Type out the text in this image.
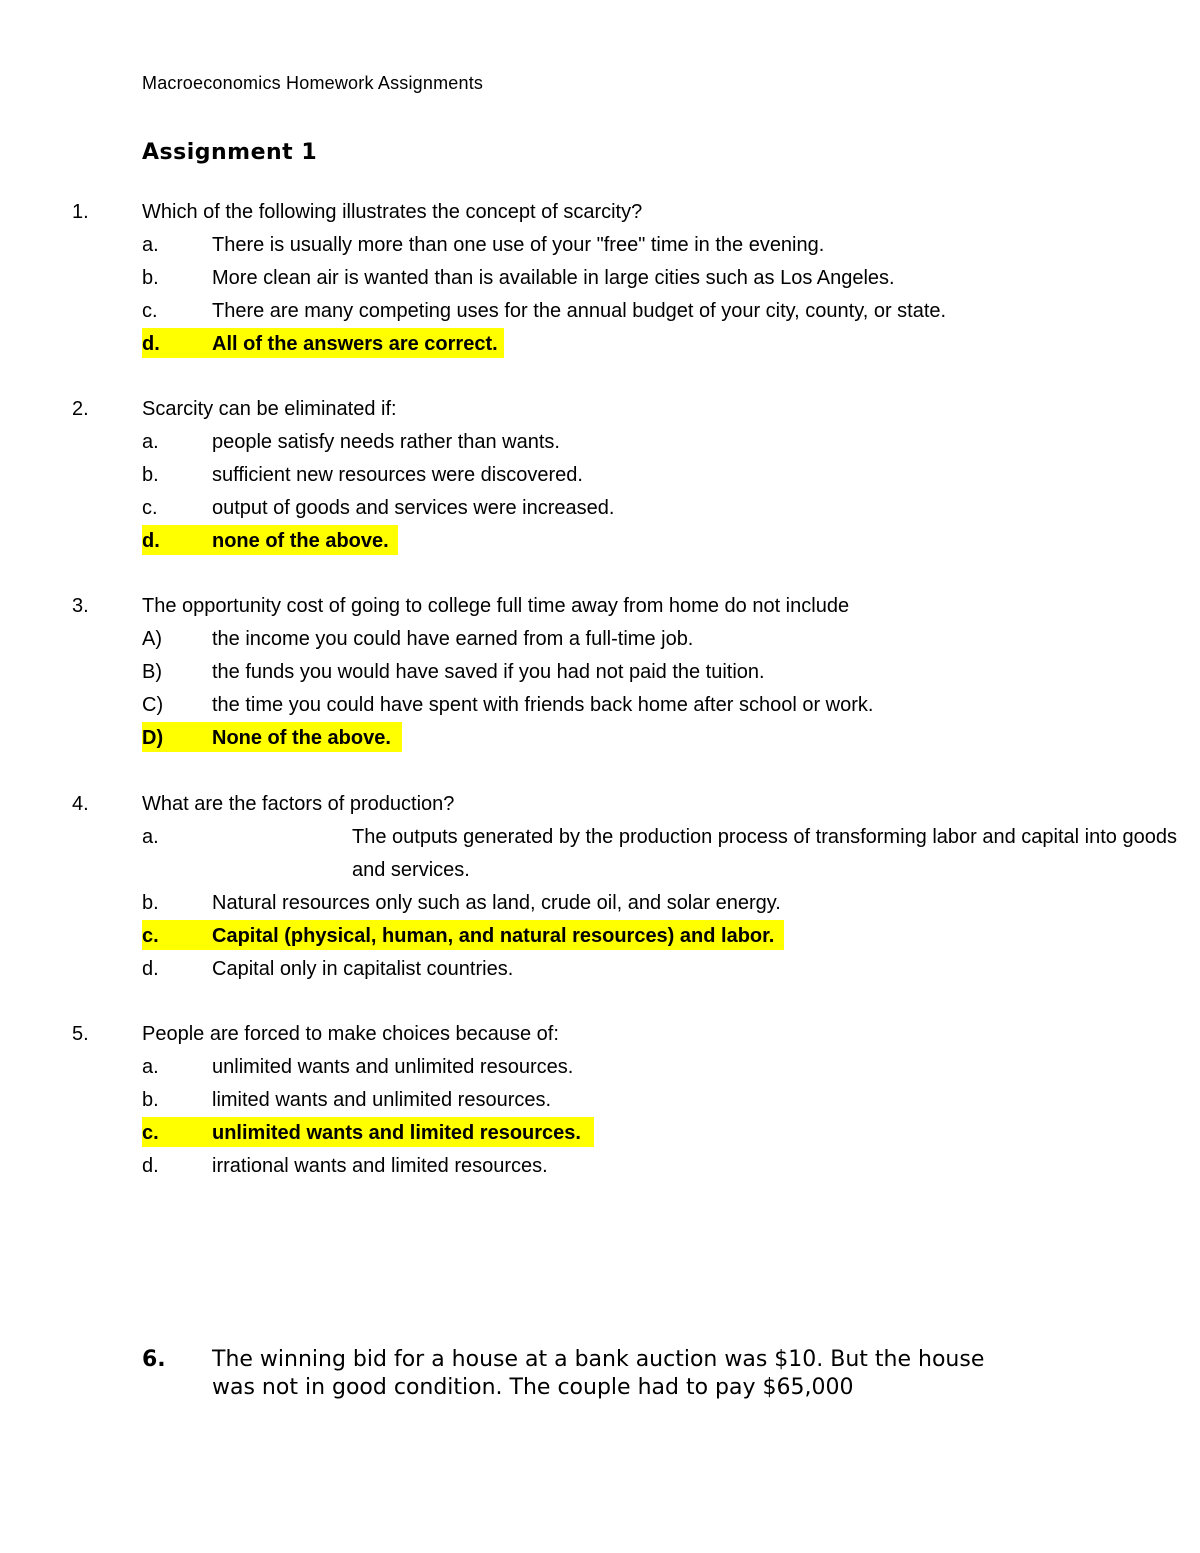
Macroeconomics Homework Assignments
Assignment 1
1.	Which of the following illustrates the concept of scarcity?
a.	There is usually more than one use of your "free" time in the evening.
b.	More clean air is wanted than is available in large cities such as Los Angeles.
c.	There are many competing uses for the annual budget of your city, county, or state.
d.	All of the answers are correct.
2.	Scarcity can be eliminated if:
a.	people satisfy needs rather than wants.
b.	sufficient new resources were discovered.
c.	output of goods and services were increased.
d.	none of the above.
3.	The opportunity cost of going to college full time away from home do not include
A)	the income you could have earned from a full-time job.
B)	the funds you would have saved if you had not paid the tuition.
C)	the time you could have spent with friends back home after school or work.
D)	None of the above.
4.	What are the factors of production?
a.	The outputs generated by the production process of transforming labor and capital into goods and services.
b.	Natural resources only such as land, crude oil, and solar energy.
c.	Capital (physical, human, and natural resources) and labor.
d.	Capital only in capitalist countries.
5.	People are forced to make choices because of:
a.	unlimited wants and unlimited resources.
b.	limited wants and unlimited resources.
c.	unlimited wants and limited resources.
d.	irrational wants and limited resources.
6. The winning bid for a house at a bank auction was $10. But the house was not in good condition. The couple had to pay $65,000
